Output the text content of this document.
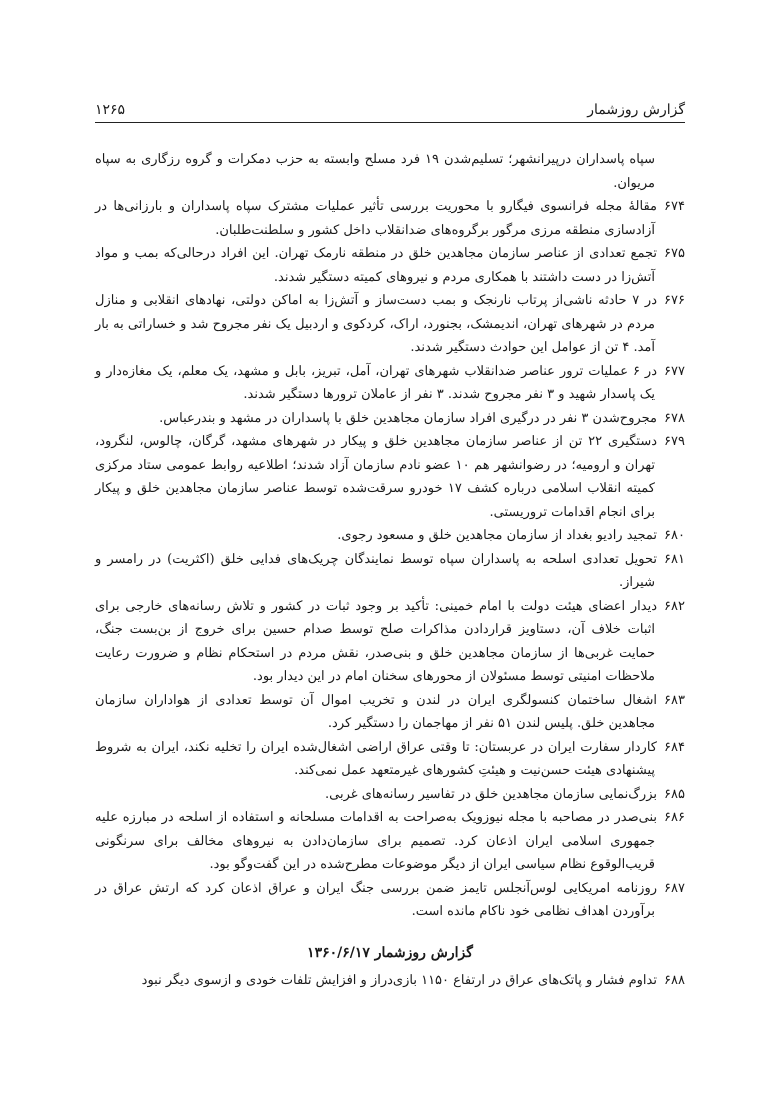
گزارش روزشمار
۱۲۶۵

سپاه پاسداران درپیرانشهر؛ تسلیم‌شدن ۱۹ فرد مسلح وابسته به حزب دمکرات و گروه رزگاری به سپاه مریوان.

۶۷۴مقالهٔ مجله فرانسوی فیگارو با محوریت بررسی تأثیر عملیات مشترک سپاه پاسداران و بارزانی‌ها در آزادسازی منطقه مرزی مرگور برگروه‌های ضدانقلاب داخل کشور و سلطنت‌طلبان.

۶۷۵تجمع تعدادی از عناصر سازمان مجاهدین خلق در منطقه نارمک تهران. این افراد درحالی‌که بمب و مواد آتش‌زا در دست داشتند با همکاری مردم و نیروهای کمیته دستگیر شدند.

۶۷۶در ۷ حادثه ناشی‌از پرتاب نارنجک و بمب دست‌ساز و آتش‌زا به اماکن دولتی، نهادهای انقلابی و منازل مردم در شهرهای تهران، اندیمشک، بجنورد، اراک، کردکوی و اردبیل یک نفر مجروح شد و خساراتی به بار آمد. ۴ تن از عوامل این حوادث دستگیر شدند.

۶۷۷در ۶ عملیات ترور عناصر ضدانقلاب شهرهای تهران، آمل، تبریز، بابل و مشهد، یک معلم، یک مغازه‌دار و یک پاسدار شهید و ۳ نفر مجروح شدند. ۳ نفر از عاملان ترورها دستگیر شدند.

۶۷۸مجروح‌شدن ۳ نفر در درگیری افراد سازمان مجاهدین خلق با پاسداران در مشهد و بندرعباس.

۶۷۹دستگیری ۲۲ تن از عناصر سازمان مجاهدین خلق و پیکار در شهرهای مشهد، گرگان، چالوس، لنگرود، تهران و ارومیه؛ در رضوانشهر هم ۱۰ عضو نادم سازمان آزاد شدند؛ اطلاعیه روابط عمومی ستاد مرکزی کمیته انقلاب اسلامی درباره کشف ۱۷ خودرو سرقت‌شده توسط عناصر سازمان مجاهدین خلق و پیکار برای انجام اقدامات تروریستی.

۶۸۰تمجید رادیو بغداد از سازمان مجاهدین خلق و مسعود رجوی.

۶۸۱تحویل تعدادی اسلحه به پاسداران سپاه توسط نمایندگان چریک‌های فدایی خلق (اکثریت) در رامسر و شیراز.

۶۸۲دیدار اعضای هیئت دولت با امام خمینی: تأکید بر وجود ثبات در کشور و تلاش رسانه‌های خارجی برای اثبات خلاف آن، دستاویز قراردادن مذاکرات صلح توسط صدام حسین برای خروج از بن‌بست جنگ، حمایت غربی‌ها از سازمان مجاهدین خلق و بنی‌صدر، نقش مردم در استحکام نظام و ضرورت رعایت ملاحظات امنیتی توسط مسئولان از محورهای سخنان امام در این دیدار بود.

۶۸۳اشغال ساختمان کنسولگری ایران در لندن و تخریب اموال آن توسط تعدادی از هواداران سازمان مجاهدین خلق. پلیس لندن ۵۱ نفر از مهاجمان را دستگیر کرد.

۶۸۴کاردار سفارت ایران در عربستان: تا وقتی عراق اراضی اشغال‌شده ایران را تخلیه نکند، ایران به شروط پیشنهادی هیئت حسن‌نیت و هیئتِ کشورهای غیرمتعهد عمل نمی‌کند.

۶۸۵بزرگ‌نمایی سازمان مجاهدین خلق در تفاسیر رسانه‌های غربی.

۶۸۶بنی‌صدر در مصاحبه با مجله نیوزویک به‌صراحت به اقدامات مسلحانه و استفاده از اسلحه در مبارزه علیه جمهوری اسلامی ایران اذعان کرد. تصمیم برای سازمان‌دادن به نیروهای مخالف برای سرنگونی قریب‌الوقوع نظام سیاسی ایران از دیگر موضوعات مطرح‌شده در این گفت‌وگو بود.

۶۸۷روزنامه امریکایی لوس‌آنجلس تایمز ضمن بررسی جنگ ایران و عراق اذعان کرد که ارتش عراق در برآوردن اهداف نظامی خود ناکام مانده است.

گزارش روزشمار ۱۳۶۰/۶/۱۷

۶۸۸تداوم فشار و پاتک‌های عراق در ارتفاع ۱۱۵۰ بازی‌دراز و افزایش تلفات خودی و ازسوی دیگر نبود
